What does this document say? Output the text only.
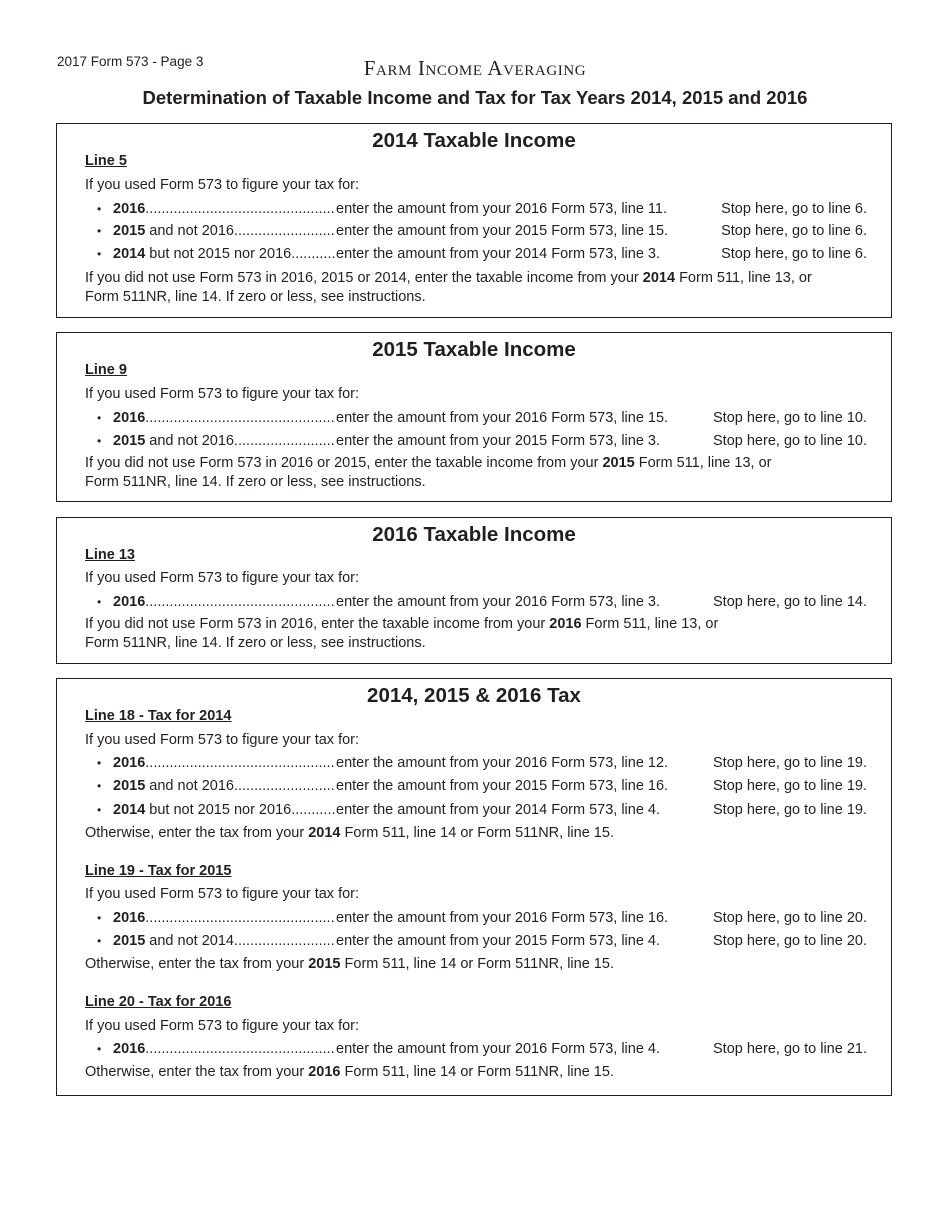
2017 Form 573 - Page 3	Farm Income Averaging
Determination of Taxable Income and Tax for Tax Years 2014, 2015 and 2016
2014 Taxable Income
Line 5
If you used Form 573 to figure your tax for:
• 2016 .....	enter the amount from your 2016 Form 573, line 11.	Stop here, go to line 6.
• 2015 and not 2016 .....	enter the amount from your 2015 Form 573, line 15.	Stop here, go to line 6.
• 2014 but not 2015 nor 2016 .....	enter the amount from your 2014 Form 573, line 3.	Stop here, go to line 6.
If you did not use Form 573 in 2016, 2015 or 2014, enter the taxable income from your 2014 Form 511, line 13, or
Form 511NR, line 14. If zero or less, see instructions.
2015 Taxable Income
Line 9
If you used Form 573 to figure your tax for:
• 2016 .....	enter the amount from your 2016 Form 573, line 15.	Stop here, go to line 10.
• 2015 and not 2016 .....	enter the amount from your 2015 Form 573, line 3.	Stop here, go to line 10.
If you did not use Form 573 in 2016 or 2015, enter the taxable income from your 2015 Form 511, line 13, or
Form 511NR, line 14. If zero or less, see instructions.
2016 Taxable Income
Line 13
If you used Form 573 to figure your tax for:
• 2016 .....	enter the amount from your 2016 Form 573, line 3.	Stop here, go to line 14.
If you did not use Form 573 in 2016, enter the taxable income from your 2016 Form 511, line 13, or
Form 511NR, line 14. If zero or less, see instructions.
2014, 2015 & 2016 Tax
Line 18 - Tax for 2014
If you used Form 573 to figure your tax for:
• 2016 .....	enter the amount from your 2016 Form 573, line 12.	Stop here, go to line 19.
• 2015 and not 2016 .....	enter the amount from your 2015 Form 573, line 16.	Stop here, go to line 19.
• 2014 but not 2015 nor 2016 .....	enter the amount from your 2014 Form 573, line 4.	Stop here, go to line 19.
Otherwise, enter the tax from your 2014 Form 511, line 14 or Form 511NR, line 15.
Line 19 - Tax for 2015
If you used Form 573 to figure your tax for:
• 2016 .....	enter the amount from your 2016 Form 573, line 16.	Stop here, go to line 20.
• 2015 and not 2014 .....	enter the amount from your 2015 Form 573, line 4.	Stop here, go to line 20.
Otherwise, enter the tax from your 2015 Form 511, line 14 or Form 511NR, line 15.
Line 20 - Tax for 2016
If you used Form 573 to figure your tax for:
• 2016 .....	enter the amount from your 2016 Form 573, line 4.	Stop here, go to line 21.
Otherwise, enter the tax from your 2016 Form 511, line 14 or Form 511NR, line 15.
